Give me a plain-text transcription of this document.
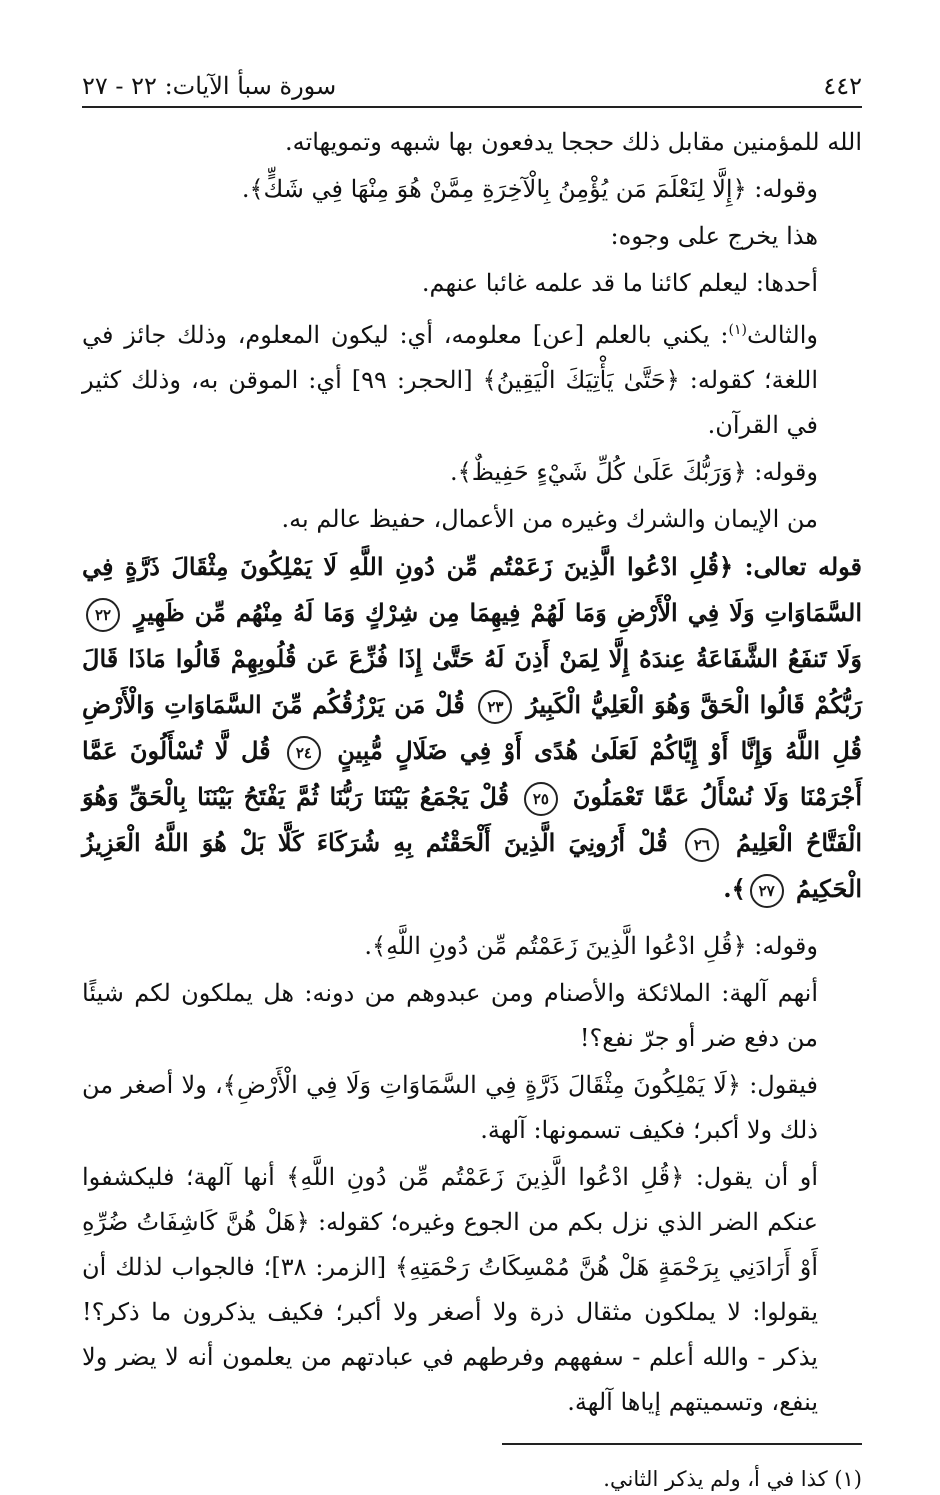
٤٤٢
سورة سبأ الآيات: ٢٢ - ٢٧

الله للمؤمنين مقابل ذلك حججا يدفعون بها شبهه وتمويهاته.

وقوله: ﴿إِلَّا لِنَعْلَمَ مَن يُؤْمِنُ بِالْآخِرَةِ مِمَّنْ هُوَ مِنْهَا فِي شَكٍّ﴾.

هذا يخرج على وجوه:

أحدها: ليعلم كائنا ما قد علمه غائبا عنهم.

والثالث$^{(١)}$: يكني بالعلم [عن] معلومه، أي: ليكون المعلوم، وذلك جائز في اللغة؛ كقوله: ﴿حَتَّىٰ يَأْتِيَكَ الْيَقِينُ﴾ [الحجر: ٩٩] أي: الموقن به، وذلك كثير في القرآن.

وقوله: ﴿وَرَبُّكَ عَلَىٰ كُلِّ شَيْءٍ حَفِيظٌ﴾.

من الإيمان والشرك وغيره من الأعمال، حفيظ عالم به.

قوله تعالى: ﴿قُلِ ادْعُوا الَّذِينَ زَعَمْتُم مِّن دُونِ اللَّهِ لَا يَمْلِكُونَ مِثْقَالَ ذَرَّةٍ فِي السَّمَاوَاتِ وَلَا فِي الْأَرْضِ وَمَا لَهُمْ فِيهِمَا مِن شِرْكٍ وَمَا لَهُ مِنْهُم مِّن ظَهِيرٍ ٢٢ وَلَا تَنفَعُ الشَّفَاعَةُ عِندَهُ إِلَّا لِمَنْ أَذِنَ لَهُ حَتَّىٰ إِذَا فُزِّعَ عَن قُلُوبِهِمْ قَالُوا مَاذَا قَالَ رَبُّكُمْ قَالُوا الْحَقَّ وَهُوَ الْعَلِيُّ الْكَبِيرُ ٢٣ قُلْ مَن يَرْزُقُكُم مِّنَ السَّمَاوَاتِ وَالْأَرْضِ قُلِ اللَّهُ وَإِنَّا أَوْ إِيَّاكُمْ لَعَلَىٰ هُدًى أَوْ فِي ضَلَالٍ مُّبِينٍ ٢٤ قُل لَّا تُسْأَلُونَ عَمَّا أَجْرَمْنَا وَلَا نُسْأَلُ عَمَّا تَعْمَلُونَ ٢٥ قُلْ يَجْمَعُ بَيْنَنَا رَبُّنَا ثُمَّ يَفْتَحُ بَيْنَنَا بِالْحَقِّ وَهُوَ الْفَتَّاحُ الْعَلِيمُ ٢٦ قُلْ أَرُونِيَ الَّذِينَ أَلْحَقْتُم بِهِ شُرَكَاءَ كَلَّا بَلْ هُوَ اللَّهُ الْعَزِيزُ الْحَكِيمُ ٢٧﴾.

وقوله: ﴿قُلِ ادْعُوا الَّذِينَ زَعَمْتُم مِّن دُونِ اللَّهِ﴾.

أنهم آلهة: الملائكة والأصنام ومن عبدوهم من دونه: هل يملكون لكم شيئًا من دفع ضر أو جرّ نفع؟!

فيقول: ﴿لَا يَمْلِكُونَ مِثْقَالَ ذَرَّةٍ فِي السَّمَاوَاتِ وَلَا فِي الْأَرْضِ﴾، ولا أصغر من ذلك ولا أكبر؛ فكيف تسمونها: آلهة.

أو أن يقول: ﴿قُلِ ادْعُوا الَّذِينَ زَعَمْتُم مِّن دُونِ اللَّهِ﴾ أنها آلهة؛ فليكشفوا عنكم الضر الذي نزل بكم من الجوع وغيره؛ كقوله: ﴿هَلْ هُنَّ كَاشِفَاتُ ضُرِّهِ أَوْ أَرَادَنِي بِرَحْمَةٍ هَلْ هُنَّ مُمْسِكَاتُ رَحْمَتِهِ﴾ [الزمر: ٣٨]؛ فالجواب لذلك أن يقولوا: لا يملكون مثقال ذرة ولا أصغر ولا أكبر؛ فكيف يذكرون ما ذكر؟! يذكر - والله أعلم - سفههم وفرطهم في عبادتهم من يعلمون أنه لا يضر ولا ينفع، وتسميتهم إياها آلهة.

(١) كذا في أ، ولم يذكر الثاني.
